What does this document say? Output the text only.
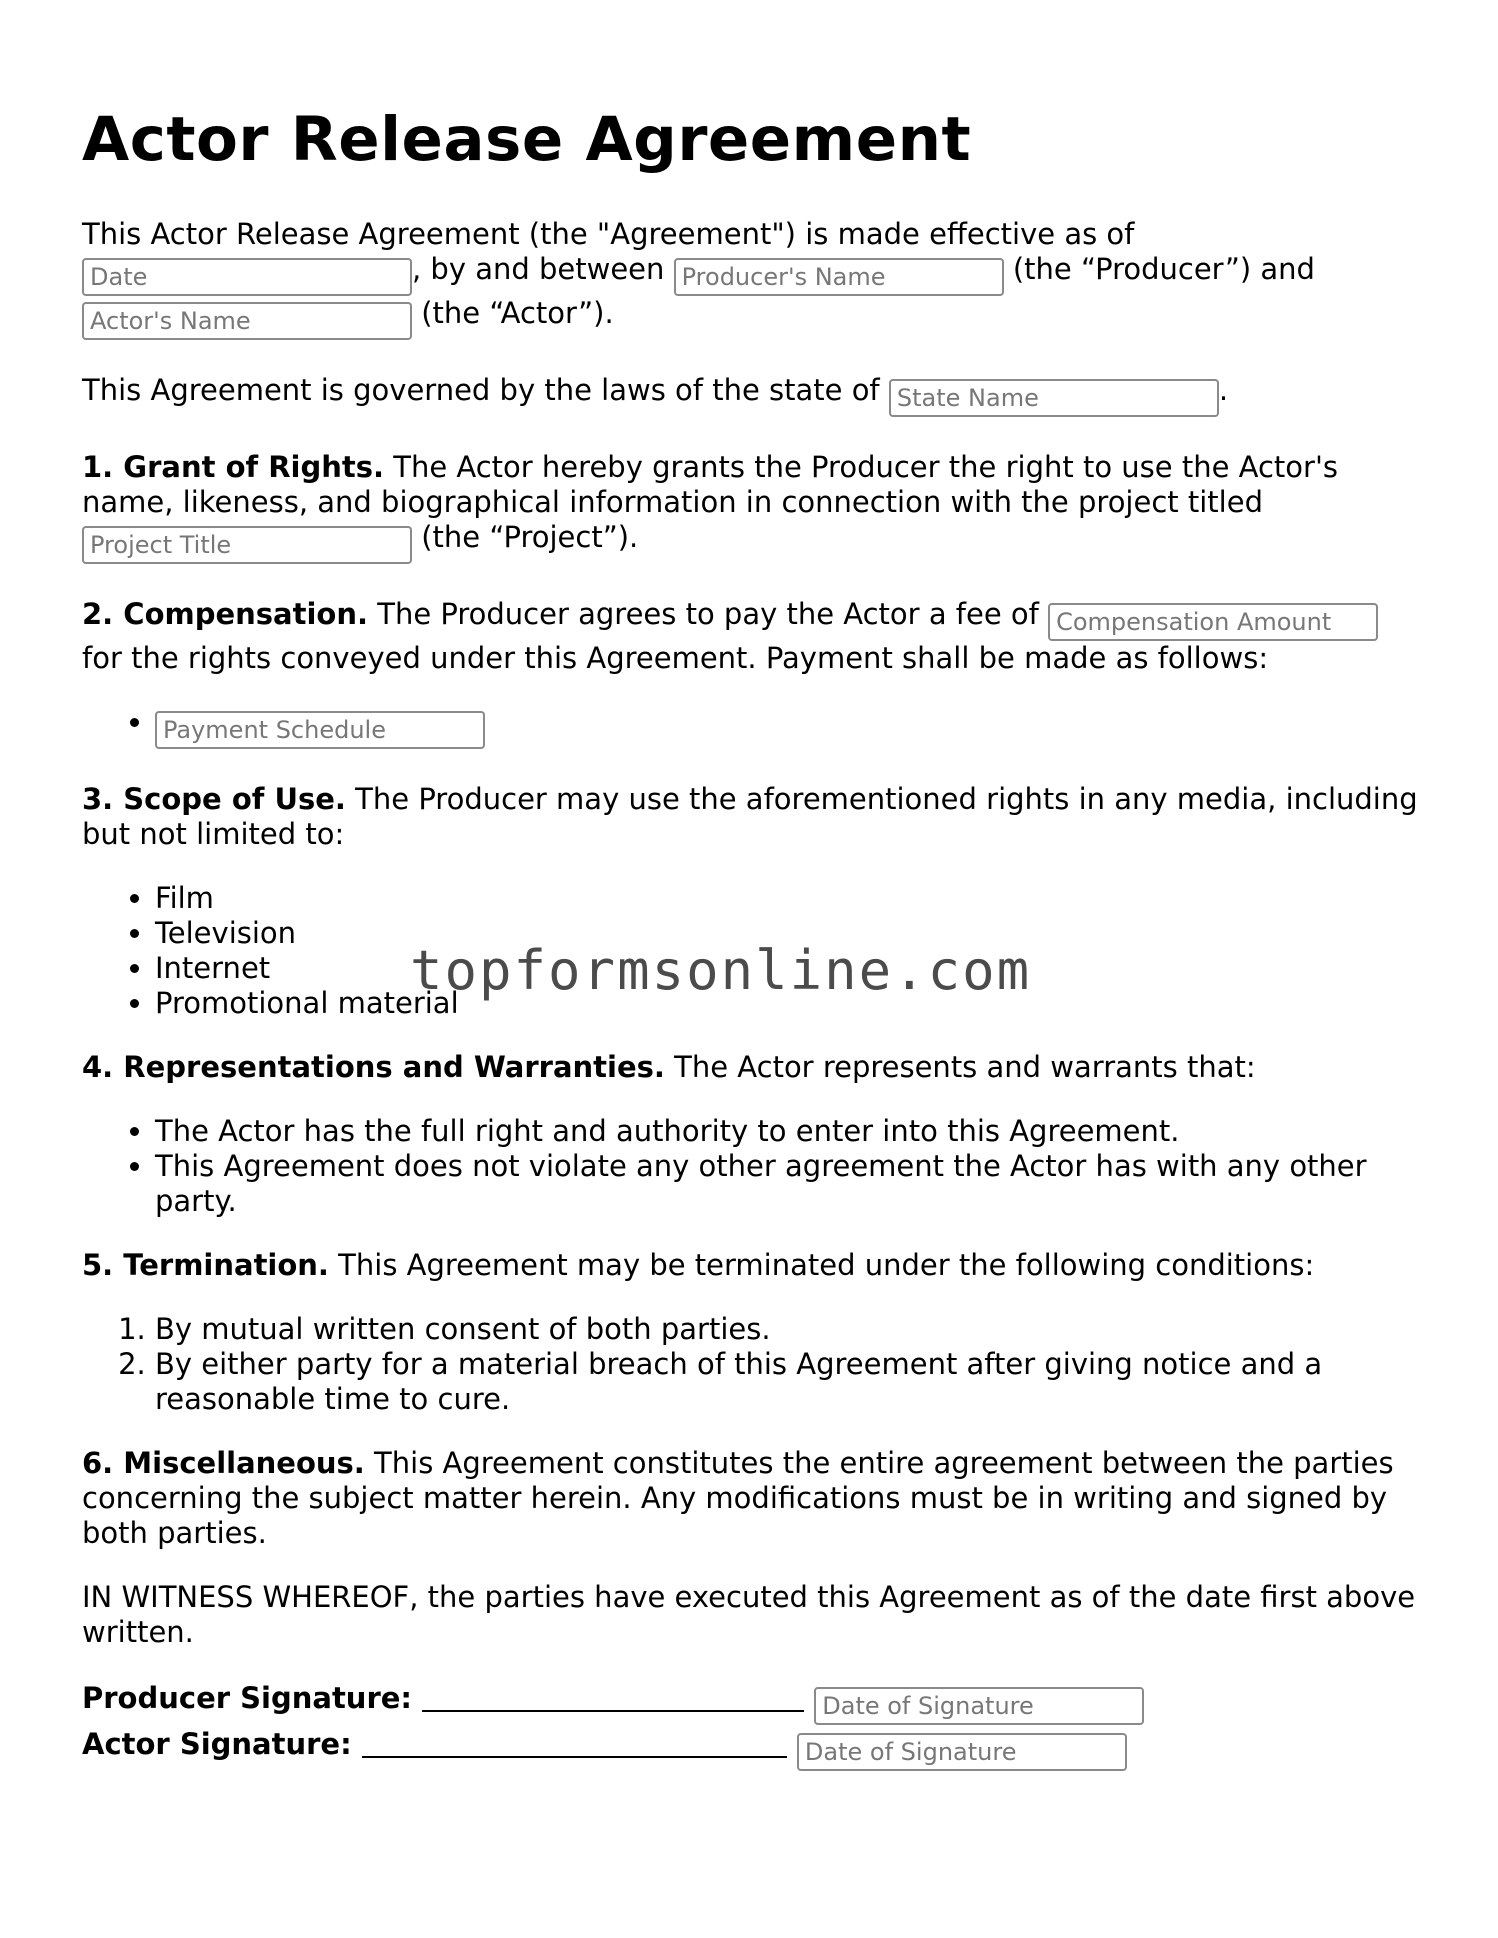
Actor Release Agreement

This Actor Release Agreement (the "Agreement") is made effective as of
Date, by and between Producer's Name	(the “Producer”) and
Actor's Name (the “Actor”).

This Agreement is governed by the laws of the state of State Name	.

1. Grant of Rights. The Actor hereby grants the Producer the right to use the Actor's name, likeness, and biographical information in connection with the project titled
Project Title (the “Project”).

2. Compensation. The Producer agrees to pay the Actor a fee of Compensation Amount
for the rights conveyed under this Agreement. Payment shall be made as follows:

• Payment Schedule

3. Scope of Use. The Producer may use the aforementioned rights in any media, including but not limited to:

• Film
• Television
• Internet
• Promotional material

4. Representations and Warranties. The Actor represents and warrants that:

• The Actor has the full right and authority to enter into this Agreement.
• This Agreement does not violate any other agreement the Actor has with any other party.

5. Termination. This Agreement may be terminated under the following conditions:

1. By mutual written consent of both parties.
2. By either party for a material breach of this Agreement after giving notice and a reasonable time to cure.

6. Miscellaneous. This Agreement constitutes the entire agreement between the parties concerning the subject matter herein. Any modifications must be in writing and signed by both parties.

IN WITNESS WHEREOF, the parties have executed this Agreement as of the date first above written.

Producer Signature:  Date of Signature
Actor Signature:  Date of Signature
topformsonline.com
